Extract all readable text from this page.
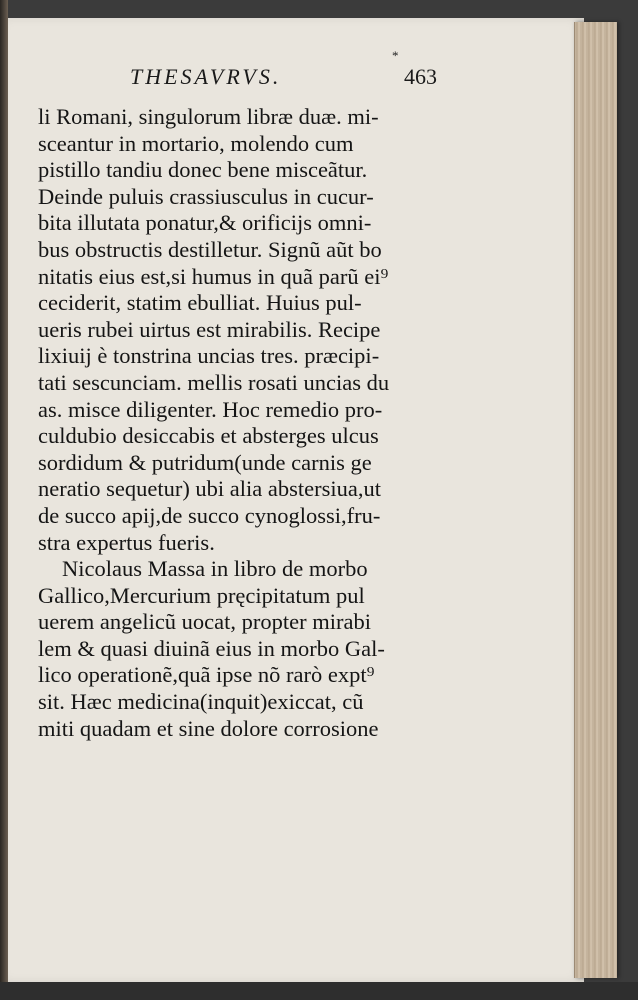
*
THESAVRVS.	463
li Romani, singulorum libræ duæ. mi-
sceantur in mortario, molendo cum
pistillo tandiu donec bene misceãtur.
Deinde puluis crassiusculus in cucur-
bita illutata ponatur,& orificijs omni-
bus obstructis destilletur. Signũ aũt bo
nitatis eius est,si humus in quã parũ ei⁹
ceciderit, statim ebulliat. Huius pul-
ueris rubei uirtus est mirabilis. Recipe
lixiuij è tonstrina uncias tres. præcipi-
tati sescunciam. mellis rosati uncias du
as. misce diligenter. Hoc remedio pro-
culdubio desiccabis et absterges ulcus
sordidum & putridum(unde carnis ge
neratio sequetur) ubi alia abstersiua,ut
de succo apij,de succo cynoglossi,fru-
stra expertus fueris.
Nicolaus Massa in libro de morbo
Gallico,Mercurium pręcipitatum pul
uerem angelicũ uocat, propter mirabi
lem & quasi diuinã eius in morbo Gal-
lico operationẽ,quã ipse nõ rarò expt⁹
sit. Hæc medicina(inquit)exiccat, cũ
miti quadam et sine dolore corrosione
